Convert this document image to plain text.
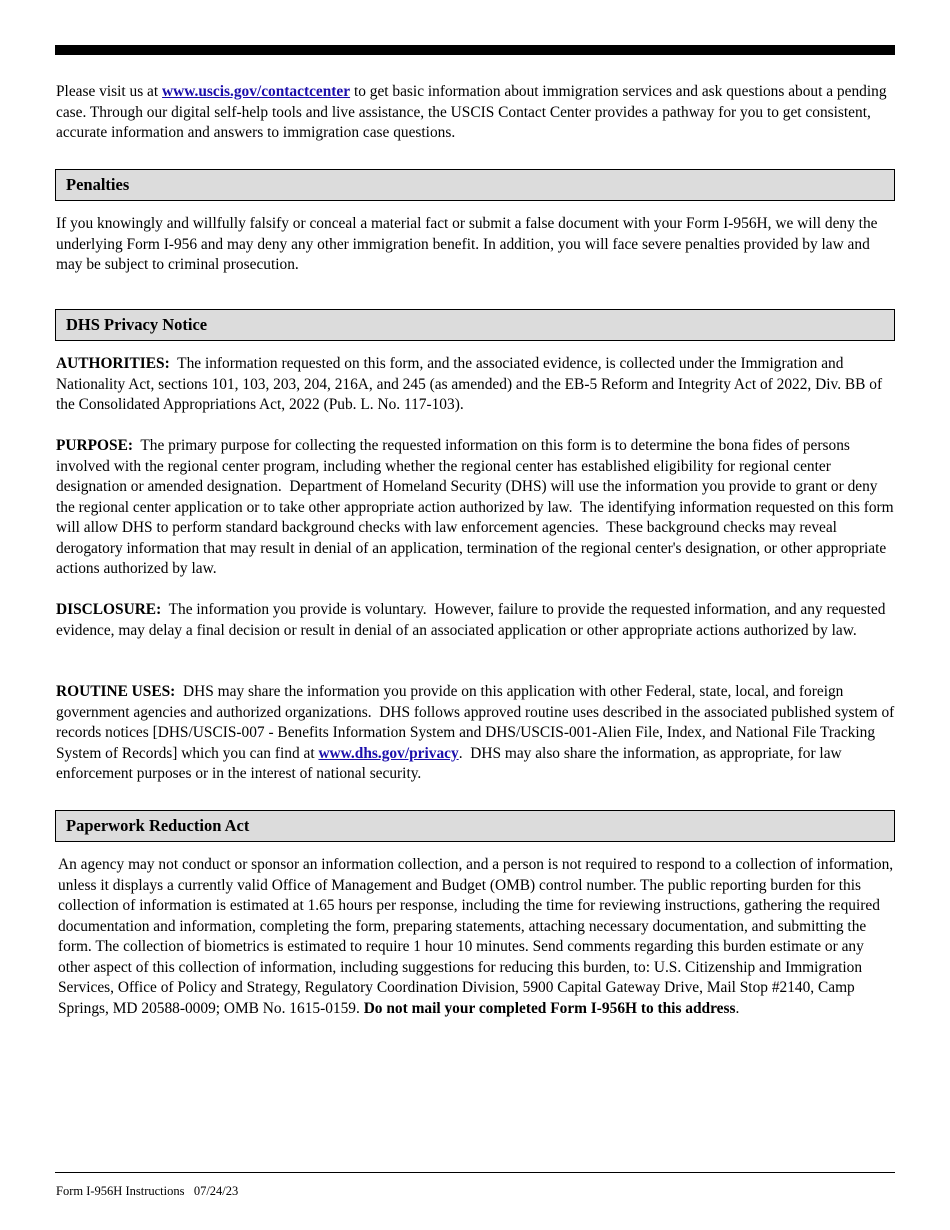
Please visit us at www.uscis.gov/contactcenter to get basic information about immigration services and ask questions about a pending case. Through our digital self-help tools and live assistance, the USCIS Contact Center provides a pathway for you to get consistent, accurate information and answers to immigration case questions.

Penalties

If you knowingly and willfully falsify or conceal a material fact or submit a false document with your Form I-956H, we will deny the underlying Form I-956 and may deny any other immigration benefit. In addition, you will face severe penalties provided by law and may be subject to criminal prosecution.

DHS Privacy Notice

AUTHORITIES:  The information requested on this form, and the associated evidence, is collected under the Immigration and Nationality Act, sections 101, 103, 203, 204, 216A, and 245 (as amended) and the EB-5 Reform and Integrity Act of 2022, Div. BB of the Consolidated Appropriations Act, 2022 (Pub. L. No. 117-103).

PURPOSE:  The primary purpose for collecting the requested information on this form is to determine the bona fides of persons involved with the regional center program, including whether the regional center has established eligibility for regional center designation or amended designation.  Department of Homeland Security (DHS) will use the information you provide to grant or deny the regional center application or to take other appropriate action authorized by law.  The identifying information requested on this form will allow DHS to perform standard background checks with law enforcement agencies.  These background checks may reveal derogatory information that may result in denial of an application, termination of the regional center's designation, or other appropriate actions authorized by law.

DISCLOSURE:  The information you provide is voluntary.  However, failure to provide the requested information, and any requested evidence, may delay a final decision or result in denial of an associated application or other appropriate actions authorized by law.

ROUTINE USES:  DHS may share the information you provide on this application with other Federal, state, local, and foreign government agencies and authorized organizations.  DHS follows approved routine uses described in the associated published system of records notices [DHS/USCIS-007 - Benefits Information System and DHS/USCIS-001-Alien File, Index, and National File Tracking System of Records] which you can find at www.dhs.gov/privacy.  DHS may also share the information, as appropriate, for law enforcement purposes or in the interest of national security.

Paperwork Reduction Act

An agency may not conduct or sponsor an information collection, and a person is not required to respond to a collection of information, unless it displays a currently valid Office of Management and Budget (OMB) control number. The public reporting burden for this collection of information is estimated at 1.65 hours per response, including the time for reviewing instructions, gathering the required documentation and information, completing the form, preparing statements, attaching necessary documentation, and submitting the form. The collection of biometrics is estimated to require 1 hour 10 minutes. Send comments regarding this burden estimate or any other aspect of this collection of information, including suggestions for reducing this burden, to: U.S. Citizenship and Immigration Services, Office of Policy and Strategy, Regulatory Coordination Division, 5900 Capital Gateway Drive, Mail Stop #2140, Camp Springs, MD 20588-0009; OMB No. 1615-0159. Do not mail your completed Form I-956H to this address.

Form I-956H Instructions   07/24/23
